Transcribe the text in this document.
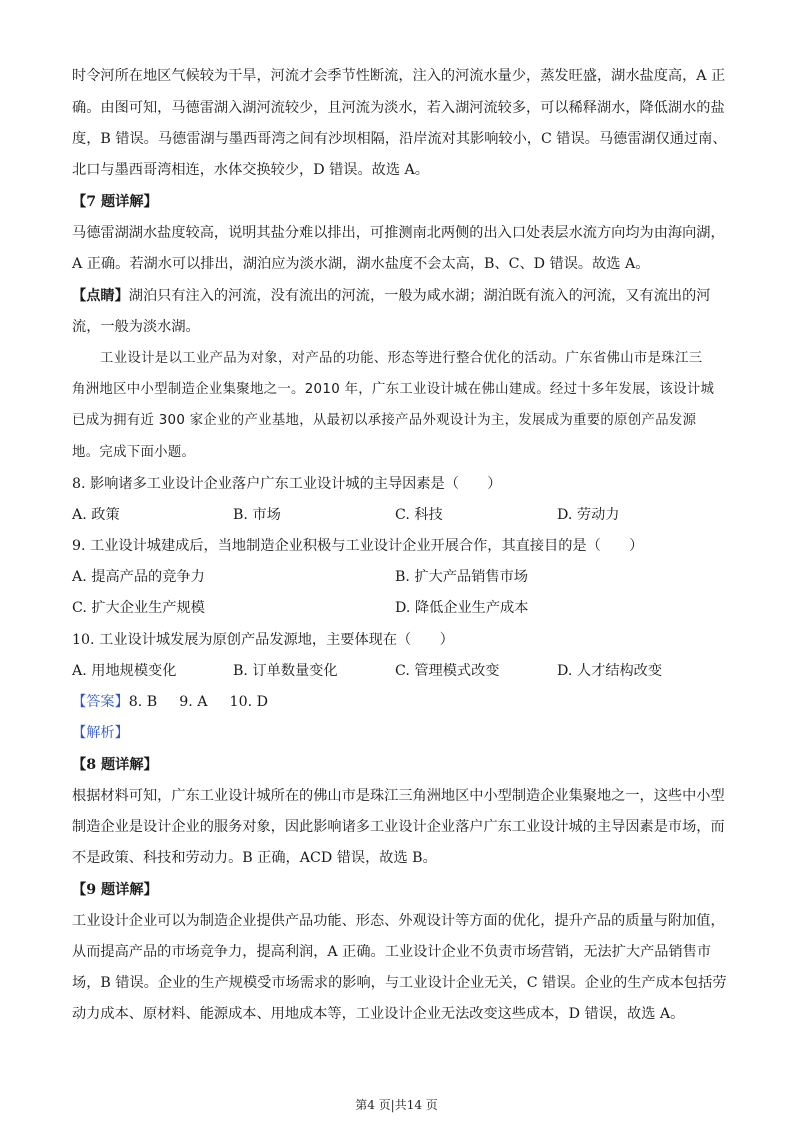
时令河所在地区气候较为干旱，河流才会季节性断流，注入的河流水量少，蒸发旺盛，湖水盐度高，A 正
确。由图可知，马德雷湖入湖河流较少，且河流为淡水，若入湖河流较多，可以稀释湖水，降低湖水的盐
度，B 错误。马德雷湖与墨西哥湾之间有沙坝相隔，沿岸流对其影响较小，C 错误。马德雷湖仅通过南、
北口与墨西哥湾相连，水体交换较少，D 错误。故选 A。
【7 题详解】
马德雷湖湖水盐度较高，说明其盐分难以排出，可推测南北两侧的出入口处表层水流方向均为由海向湖，
A 正确。若湖水可以排出，湖泊应为淡水湖，湖水盐度不会太高，B、C、D 错误。故选 A。
【点睛】湖泊只有注入的河流，没有流出的河流，一般为咸水湖；湖泊既有流入的河流，又有流出的河
流，一般为淡水湖。
工业设计是以工业产品为对象，对产品的功能、形态等进行整合优化的活动。广东省佛山市是珠江三
角洲地区中小型制造企业集聚地之一。2010 年，广东工业设计城在佛山建成。经过十多年发展，该设计城
已成为拥有近 300 家企业的产业基地，从最初以承接产品外观设计为主，发展成为重要的原创产品发源
地。完成下面小题。
8. 影响诸多工业设计企业落户广东工业设计城的主导因素是（　　）
A. 政策	B. 市场	C. 科技	D. 劳动力
9. 工业设计城建成后，当地制造企业积极与工业设计企业开展合作，其直接目的是（　　）
A. 提高产品的竞争力	B. 扩大产品销售市场
C. 扩大企业生产规模	D. 降低企业生产成本
10. 工业设计城发展为原创产品发源地，主要体现在（　　）
A. 用地规模变化	B. 订单数量变化	C. 管理模式改变	D. 人才结构改变
【答案】8. B 9. A 10. D
【解析】
【8 题详解】
根据材料可知，广东工业设计城所在的佛山市是珠江三角洲地区中小型制造企业集聚地之一，这些中小型
制造企业是设计企业的服务对象，因此影响诸多工业设计企业落户广东工业设计城的主导因素是市场，而
不是政策、科技和劳动力。B 正确，ACD 错误，故选 B。
【9 题详解】
工业设计企业可以为制造企业提供产品功能、形态、外观设计等方面的优化，提升产品的质量与附加值，
从而提高产品的市场竞争力，提高利润，A 正确。工业设计企业不负责市场营销，无法扩大产品销售市
场，B 错误。企业的生产规模受市场需求的影响，与工业设计企业无关，C 错误。企业的生产成本包括劳
动力成本、原材料、能源成本、用地成本等，工业设计企业无法改变这些成本，D 错误，故选 A。
第4 页|共14 页
